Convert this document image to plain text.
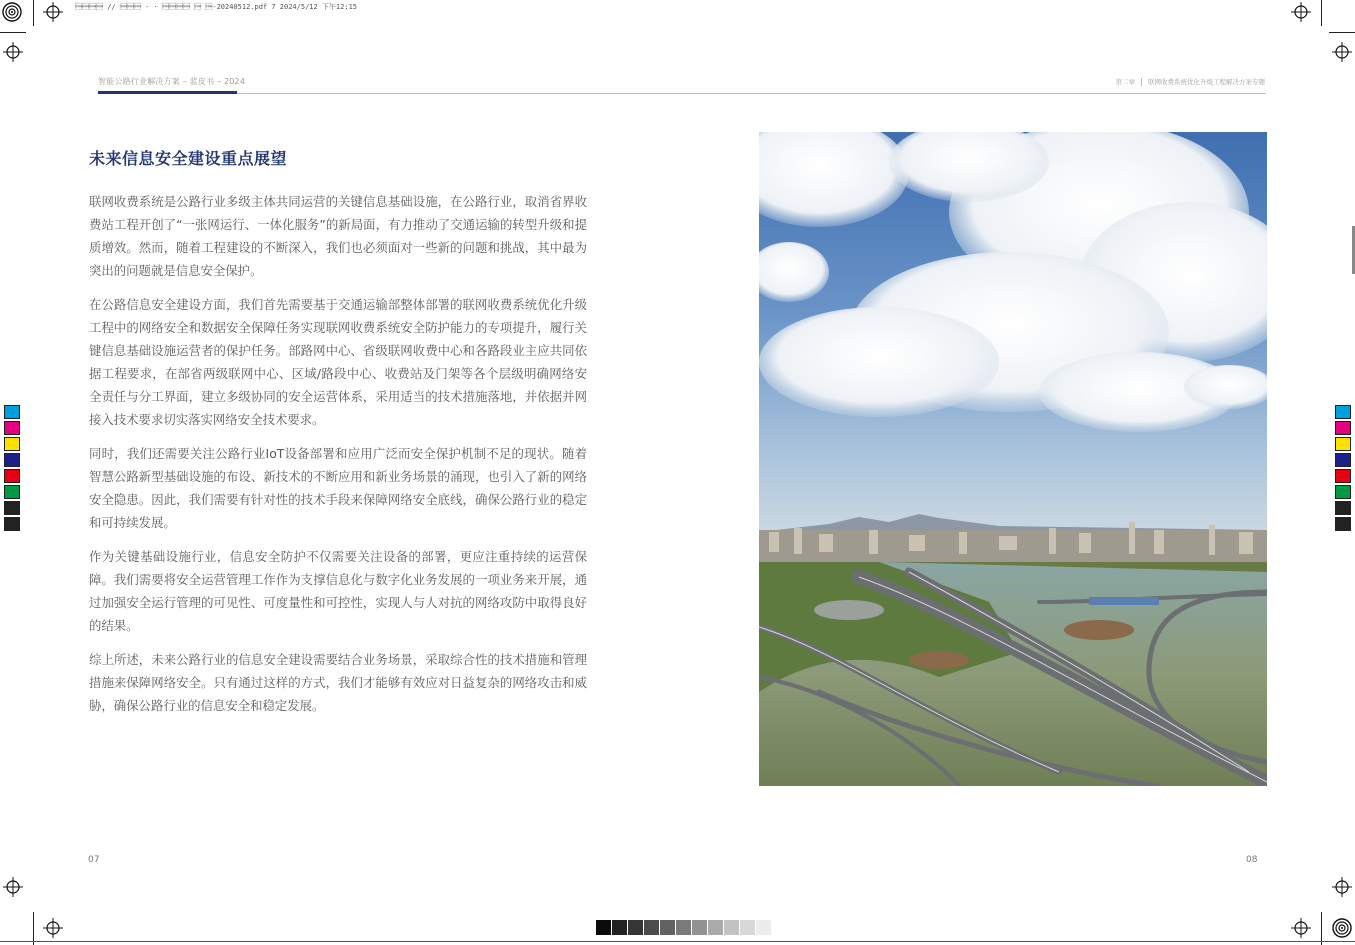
 //  - ·   -20240512.pdf 7 2024/5/12 下午12:15
智能公路行业解决方案 – 蓝皮书 – 2024	第二章 联网收费系统优化升级工程解决方案专题
未来信息安全建设重点展望

联网收费系统是公路行业多级主体共同运营的关键信息基础设施，在公路行业，取消省界收费站工程开创了“一张网运行、一体化服务”的新局面，有力推动了交通运输的转型升级和提质增效。然而，随着工程建设的不断深入，我们也必须面对一些新的问题和挑战，其中最为突出的问题就是信息安全保护。

在公路信息安全建设方面，我们首先需要基于交通运输部整体部署的联网收费系统优化升级工程中的网络安全和数据安全保障任务实现联网收费系统安全防护能力的专项提升，履行关键信息基础设施运营者的保护任务。部路网中心、省级联网收费中心和各路段业主应共同依据工程要求，在部省两级联网中心、区域/路段中心、收费站及门架等各个层级明确网络安全责任与分工界面，建立多级协同的安全运营体系，采用适当的技术措施落地，并依据并网接入技术要求切实落实网络安全技术要求。

同时，我们还需要关注公路行业IoT设备部署和应用广泛而安全保护机制不足的现状。随着智慧公路新型基础设施的布设、新技术的不断应用和新业务场景的涌现，也引入了新的网络安全隐患。因此，我们需要有针对性的技术手段来保障网络安全底线，确保公路行业的稳定和可持续发展。

作为关键基础设施行业，信息安全防护不仅需要关注设备的部署，更应注重持续的运营保障。我们需要将安全运营管理工作作为支撑信息化与数字化业务发展的一项业务来开展，通过加强安全运行管理的可见性、可度量性和可控性，实现人与人对抗的网络攻防中取得良好的结果。

综上所述，未来公路行业的信息安全建设需要结合业务场景，采取综合性的技术措施和管理措施来保障网络安全。只有通过这样的方式，我们才能够有效应对日益复杂的网络攻击和威胁，确保公路行业的信息安全和稳定发展。

07	08
